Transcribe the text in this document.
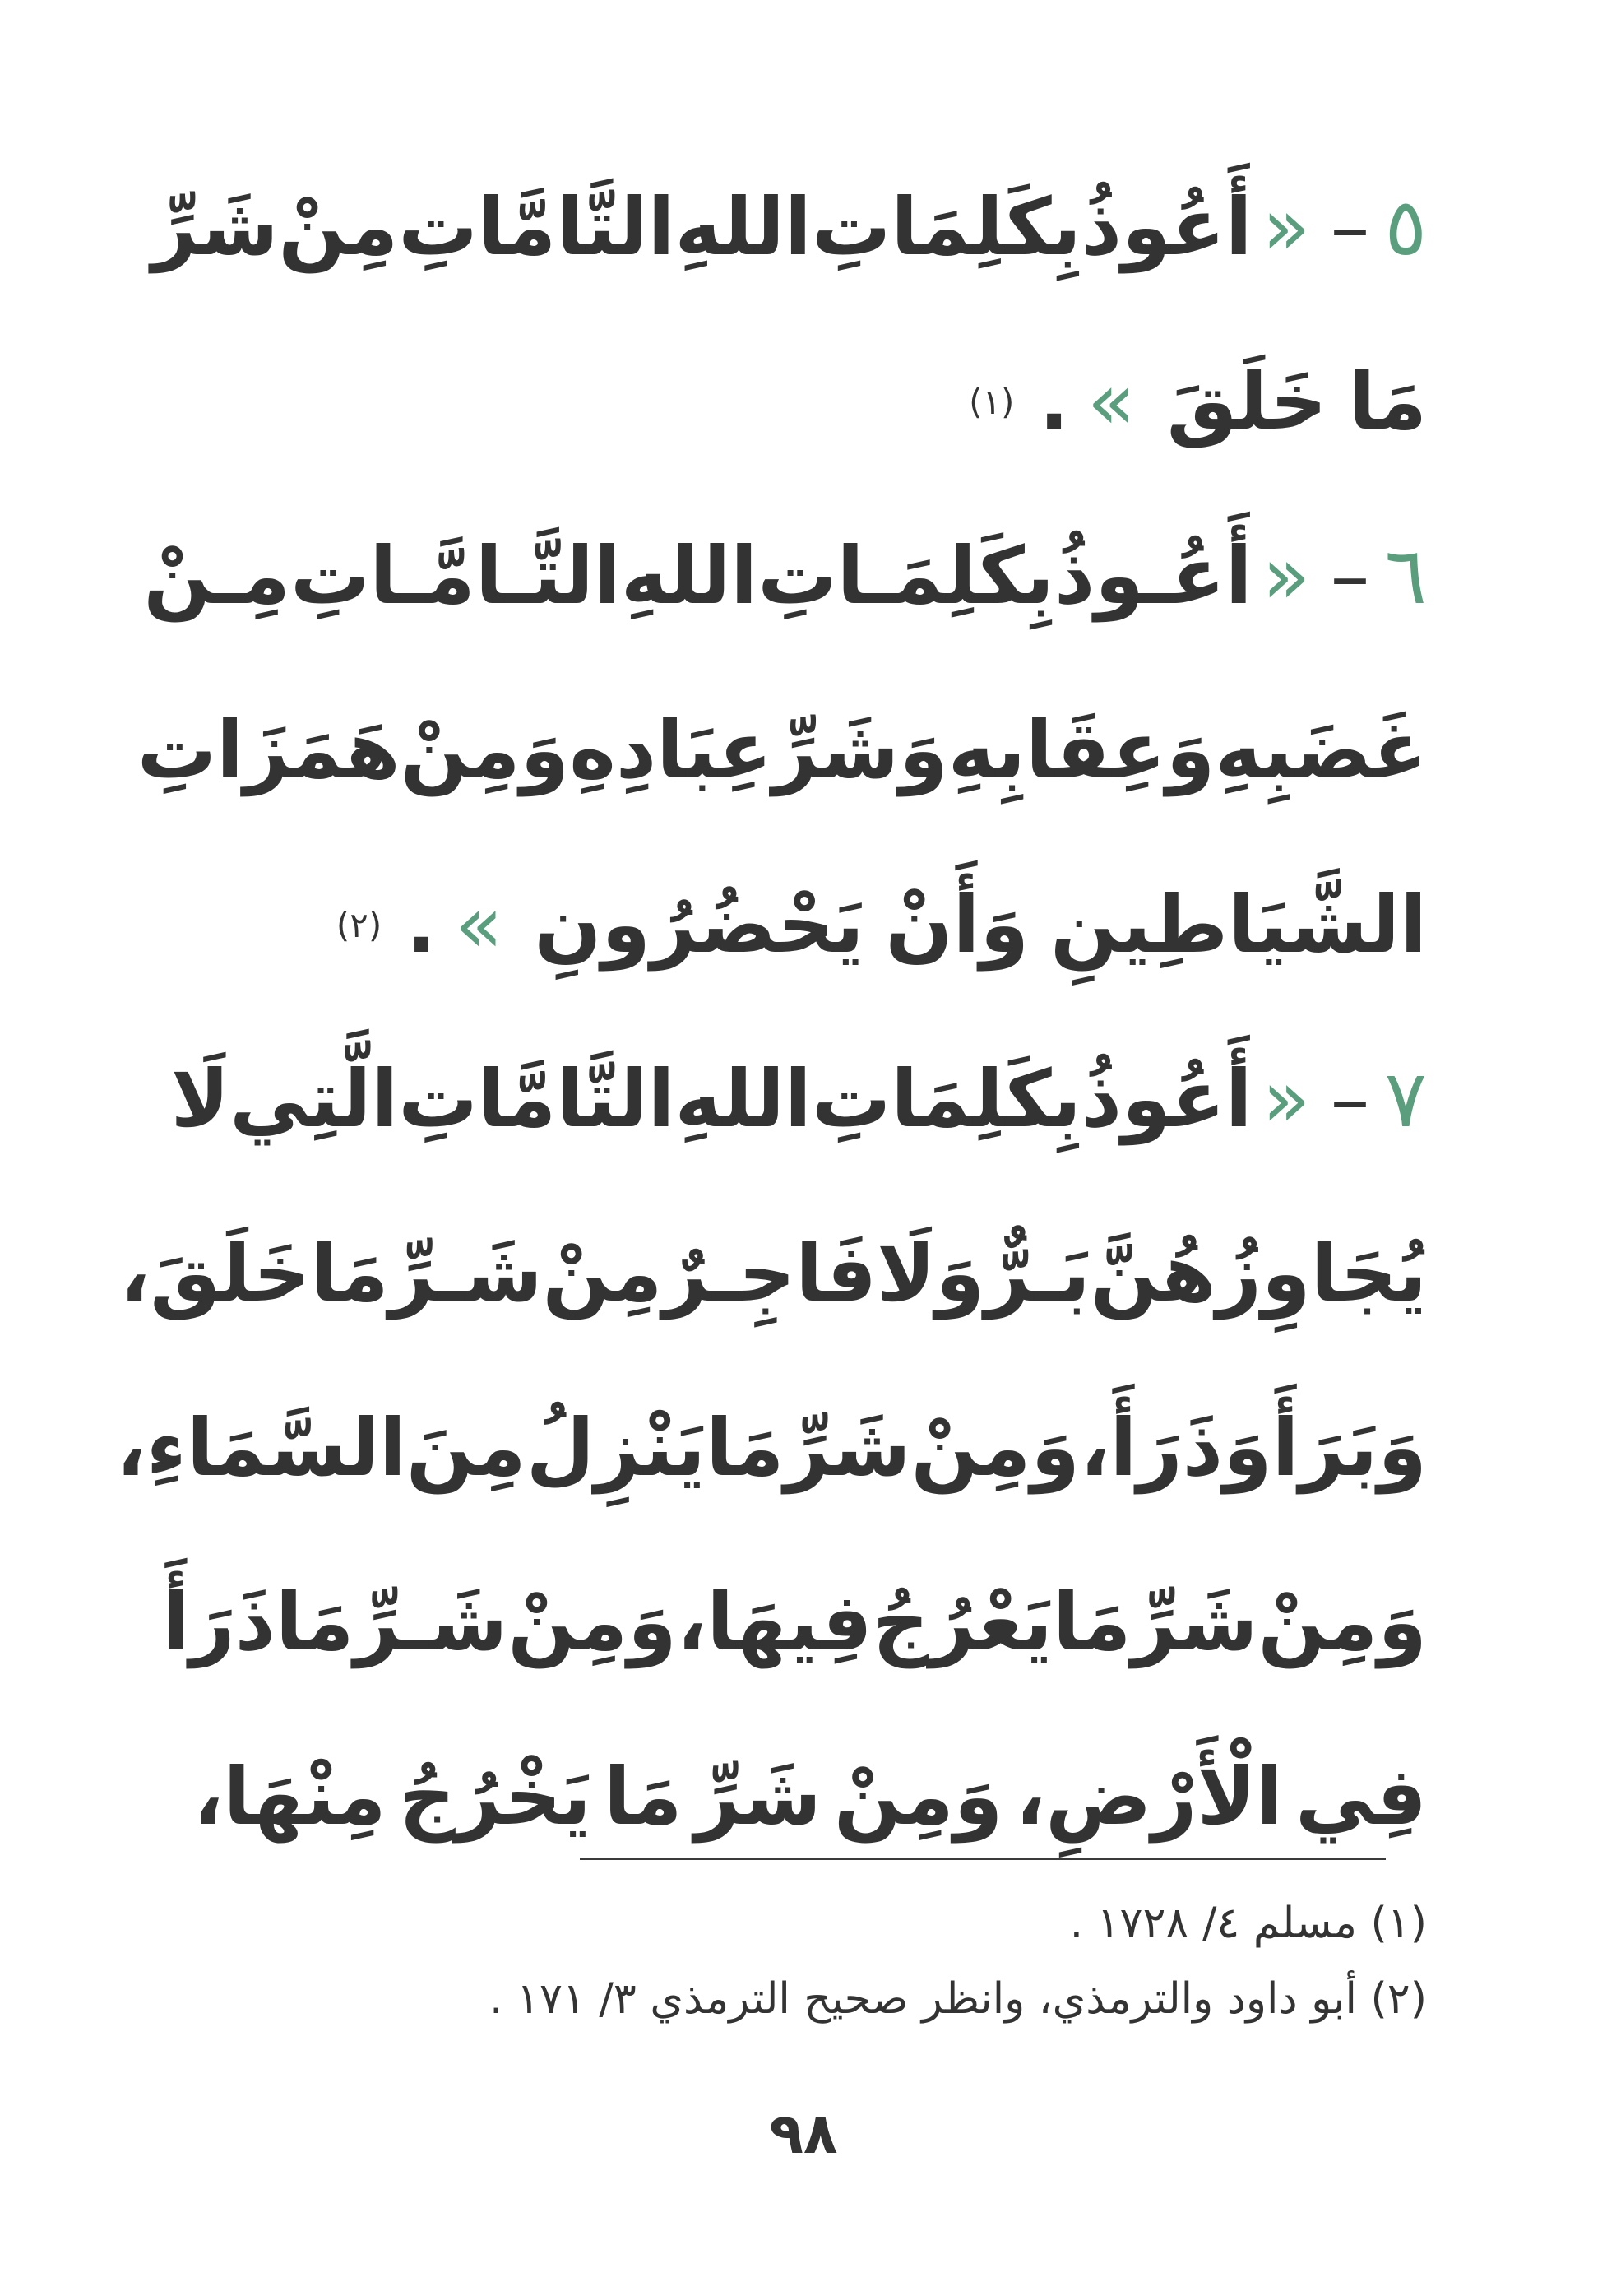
٥–«أَعُوذُ
بِكَلِمَاتِ
اللهِ
التَّامَّاتِ
مِنْ
شَرِّ
مَا
خَلَقَ
»
.
(١)
٦–«أَعُـوذُ
بِكَلِمَـاتِ
اللهِ
التَّـامَّـاتِ
مِـنْ
غَضَبِهِ
وَعِقَابِهِ
وَشَرِّ
عِبَادِهِ
وَمِنْ
هَمَزَاتِ
الشَّيَاطِينِ
وَأَنْ
يَحْضُرُونِ
»
.
(٢)
٧–«أَعُوذُ
بِكَلِمَاتِ
اللهِ
التَّامَّاتِ
الَّتِي
لَا
يُجَاوِزُهُنَّ
بَـرٌّ
وَلَا
فَاجِـرٌ
مِنْ
شَـرِّ
مَا
خَلَقَ،
وَبَرَأَ
وَذَرَأَ،
وَمِنْ
شَرِّ
مَا
يَنْزِلُ
مِنَ
السَّمَاءِ،
وَمِنْ
شَرِّ
مَا
يَعْرُجُ
فِيهَا،
وَمِنْ
شَـرِّ
مَا
ذَرَأَ
فِي
الْأَرْضِ،
وَمِنْ
شَرِّ
مَا
يَخْرُجُ
مِنْهَا،
(١) مسلم ٤/ ١٧٢٨ .
(٢) أبو داود والترمذي، وانظر صحيح الترمذي ٣/ ١٧١ .
٩٨
